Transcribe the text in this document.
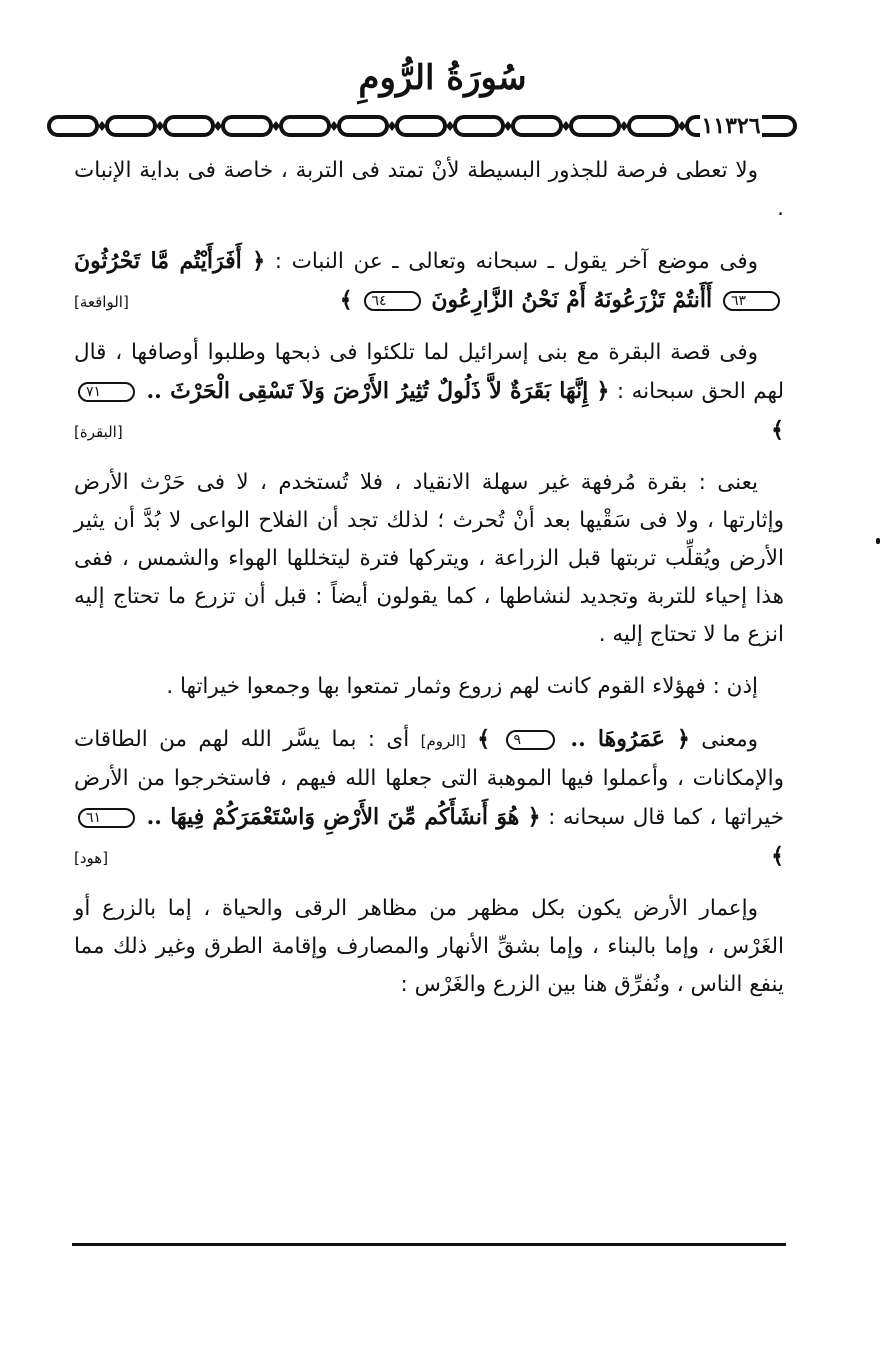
سُورَةُ الرُّومِ
١١٣٢٦

ولا تعطى فرصة للجذور البسيطة لأنْ تمتد فى التربة ، خاصة فى بداية الإنبات .

وفى موضع آخر يقول ـ سبحانه وتعالى ـ عن النبات : ﴿ أَفَرَأَيْتُم مَّا تَحْرُثُونَ ٦٣ أَأَنتُمْ تَزْرَعُونَهُ أَمْ نَحْنُ الزَّارِعُونَ ٦٤ ﴾
[الواقعة]

وفى قصة البقرة مع بنى إسرائيل لما تلكئوا فى ذبحها وطلبوا أوصافها ، قال لهم الحق سبحانه : ﴿ إِنَّهَا بَقَرَةٌ لاَّ ذَلُولٌ تُثِيرُ الأَرْضَ وَلاَ تَسْقِى الْحَرْثَ .. ٧١ ﴾
[البقرة]

يعنى : بقرة مُرفهة غير سهلة الانقياد ، فلا تُستخدم ، لا فى حَرْث الأرض وإثارتها ، ولا فى سَقْيها بعد أنْ تُحرث ؛ لذلك تجد أن الفلاح الواعى لا بُدَّ أن يثير الأرض ويُقلِّب تربتها قبل الزراعة ، ويتركها فترة ليتخللها الهواء والشمس ، ففى هذا إحياء للتربة وتجديد لنشاطها ، كما يقولون أيضاً : قبل أن تزرع ما تحتاج إليه انزع ما لا تحتاج إليه .

إذن : فهؤلاء القوم كانت لهم زروع وثمار تمتعوا بها وجمعوا خيراتها .

ومعنى ﴿ عَمَرُوهَا .. ٩ ﴾ [الروم] أى : بما يسَّر الله لهم من الطاقات والإمكانات ، وأعملوا فيها الموهبة التى جعلها الله فيهم ، فاستخرجوا من الأرض خيراتها ، كما قال سبحانه : ﴿ هُوَ أَنشَأَكُم مِّنَ الأَرْضِ وَاسْتَعْمَرَكُمْ فِيهَا .. ٦١ ﴾
[هود]

وإعمار الأرض يكون بكل مظهر من مظاهر الرقى والحياة ، إما بالزرع أو الغَرْس ، وإما بالبناء ، وإما بشقِّ الأنهار والمصارف وإقامة الطرق وغير ذلك مما ينفع الناس ، ونُفرِّق هنا بين الزرع والغَرْس :
